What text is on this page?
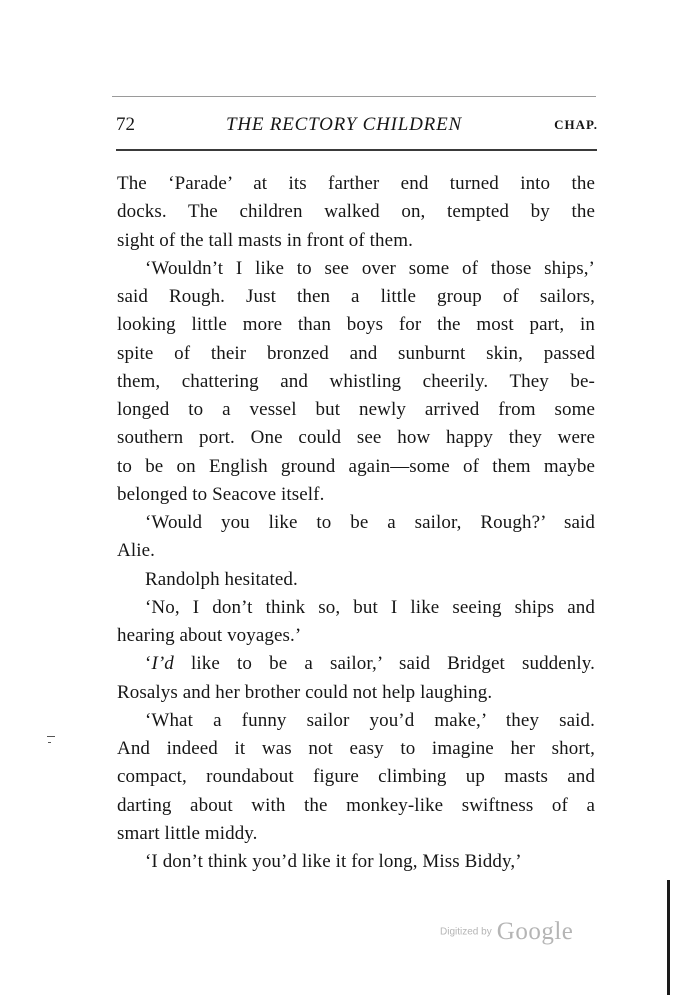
72	THE RECTORY CHILDREN	CHAP.
The ‘Parade’ at its farther end turned into the
docks. The children walked on, tempted by the
sight of the tall masts in front of them.
‘Wouldn’t I like to see over some of those ships,’
said Rough. Just then a little group of sailors,
looking little more than boys for the most part, in
spite of their bronzed and sunburnt skin, passed
them, chattering and whistling cheerily. They be-
longed to a vessel but newly arrived from some
southern port. One could see how happy they were
to be on English ground again—some of them maybe
belonged to Seacove itself.
‘Would you like to be a sailor, Rough?’ said
Alie.
Randolph hesitated.
‘No, I don’t think so, but I like seeing ships and
hearing about voyages.’
‘I’d like to be a sailor,’ said Bridget suddenly.
Rosalys and her brother could not help laughing.
‘What a funny sailor you’d make,’ they said.
And indeed it was not easy to imagine her short,
compact, roundabout figure climbing up masts and
darting about with the monkey-like swiftness of a
smart little middy.
‘I don’t think you’d like it for long, Miss Biddy,’
Digitized by Google
